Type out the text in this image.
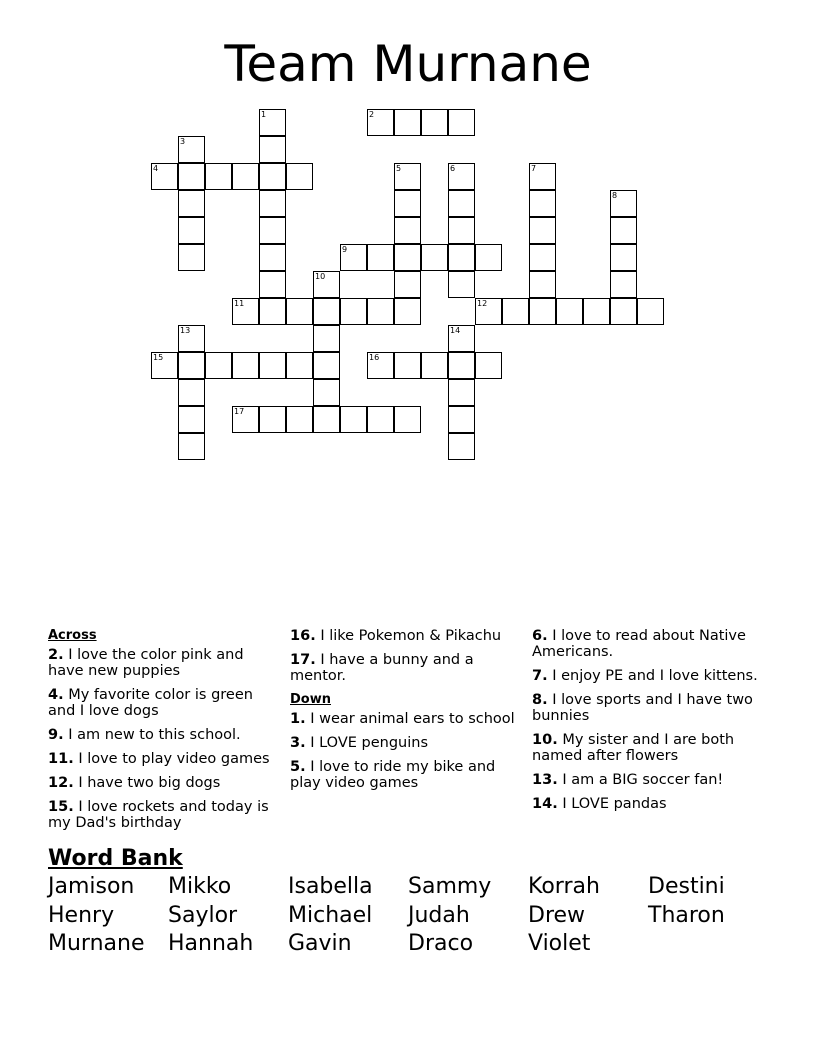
Team Murnane
1	2
3
4	5	6	7
8
9
10
11	12
13	14
15	16
17
Across
2. I love the color pink and have new puppies
4. My favorite color is green and I love dogs
9. I am new to this school.
11. I love to play video games
12. I have two big dogs
15. I love rockets and today is my Dad's birthday
16. I like Pokemon & Pikachu
17. I have a bunny and a mentor.
Down
1. I wear animal ears to school
3. I LOVE penguins
5. I love to ride my bike and play video games
6. I love to read about Native Americans.
7. I enjoy PE and I love kittens.
8. I love sports and I have two bunnies
10. My sister and I are both named after flowers
13. I am a BIG soccer fan!
14. I LOVE pandas
Word Bank
Jamison Mikko	Isabella Sammy Korrah Destini
Henry Saylor Michael Judah	Drew	Tharon
Murnane Hannah Gavin	Draco Violet
